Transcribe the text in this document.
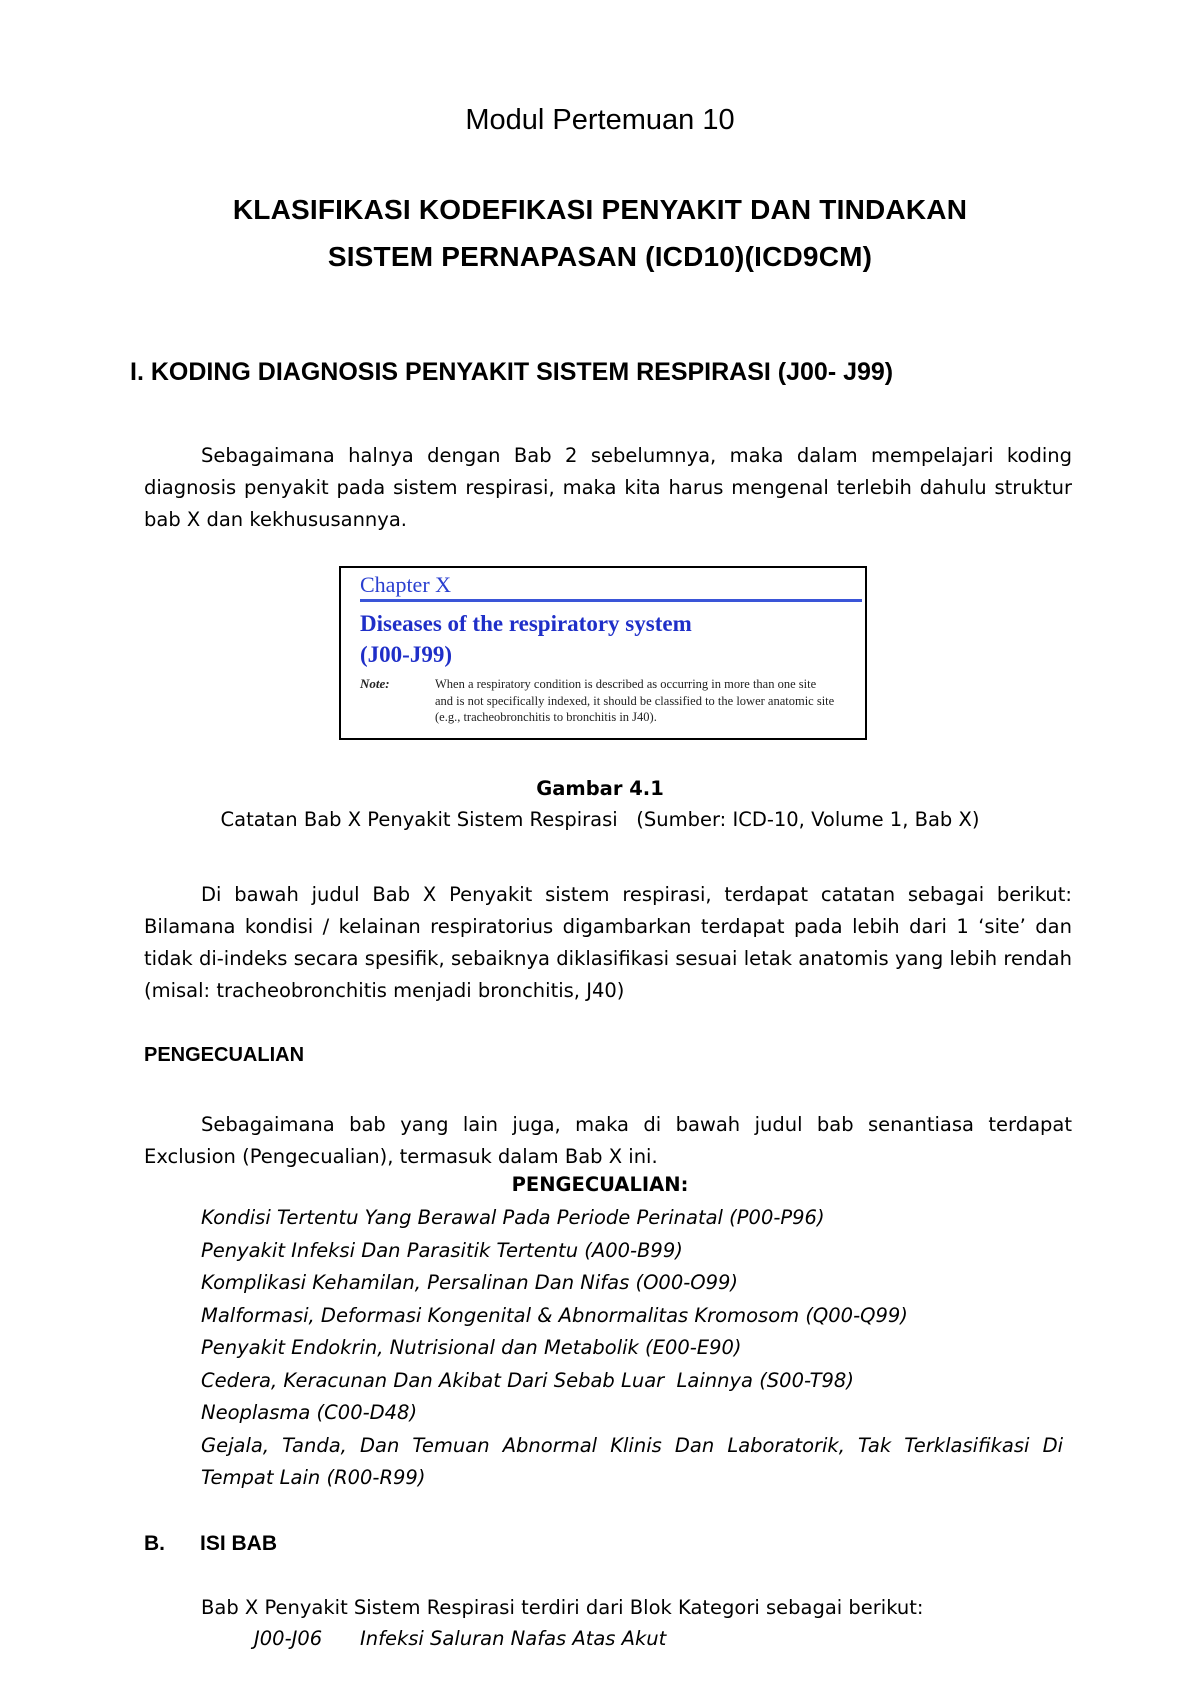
Modul Pertemuan 10
KLASIFIKASI KODEFIKASI PENYAKIT DAN TINDAKAN
SISTEM PERNAPASAN (ICD10)(ICD9CM)
I. KODING DIAGNOSIS PENYAKIT SISTEM RESPIRASI (J00- J99)
Sebagaimana halnya dengan Bab 2 sebelumnya, maka dalam mempelajari koding diagnosis penyakit pada sistem respirasi, maka kita harus mengenal terlebih dahulu struktur bab X dan kekhususannya.
Chapter X
Diseases of the respiratory system
(J00-J99)
Note:	When a respiratory condition is described as occurring in more than one site and is not specifically indexed, it should be classified to the lower anatomic site (e.g., tracheobronchitis to bronchitis in J40).
Gambar 4.1
Catatan Bab X Penyakit Sistem Respirasi   (Sumber: ICD-10, Volume 1, Bab X)
Di bawah judul Bab X Penyakit sistem respirasi, terdapat catatan sebagai berikut: Bilamana kondisi / kelainan respiratorius digambarkan terdapat pada lebih dari 1 ‘site’ dan tidak di-indeks secara spesifik, sebaiknya diklasifikasi sesuai letak anatomis yang lebih rendah (misal: tracheobronchitis menjadi bronchitis, J40)
PENGECUALIAN
Sebagaimana bab yang lain juga, maka di bawah judul bab senantiasa terdapat Exclusion (Pengecualian), termasuk dalam Bab X ini.
PENGECUALIAN:
Kondisi Tertentu Yang Berawal Pada Periode Perinatal (P00-P96)
Penyakit Infeksi Dan Parasitik Tertentu (A00-B99)
Komplikasi Kehamilan, Persalinan Dan Nifas (O00-O99)
Malformasi, Deformasi Kongenital & Abnormalitas Kromosom (Q00-Q99)
Penyakit Endokrin, Nutrisional dan Metabolik (E00-E90)
Cedera, Keracunan Dan Akibat Dari Sebab Luar  Lainnya (S00-T98)
Neoplasma (C00-D48)
Gejala, Tanda, Dan Temuan Abnormal Klinis Dan Laboratorik, Tak Terklasifikasi Di Tempat Lain (R00-R99)
B. ISI BAB
Bab X Penyakit Sistem Respirasi terdiri dari Blok Kategori sebagai berikut:
J00-J06 Infeksi Saluran Nafas Atas Akut
